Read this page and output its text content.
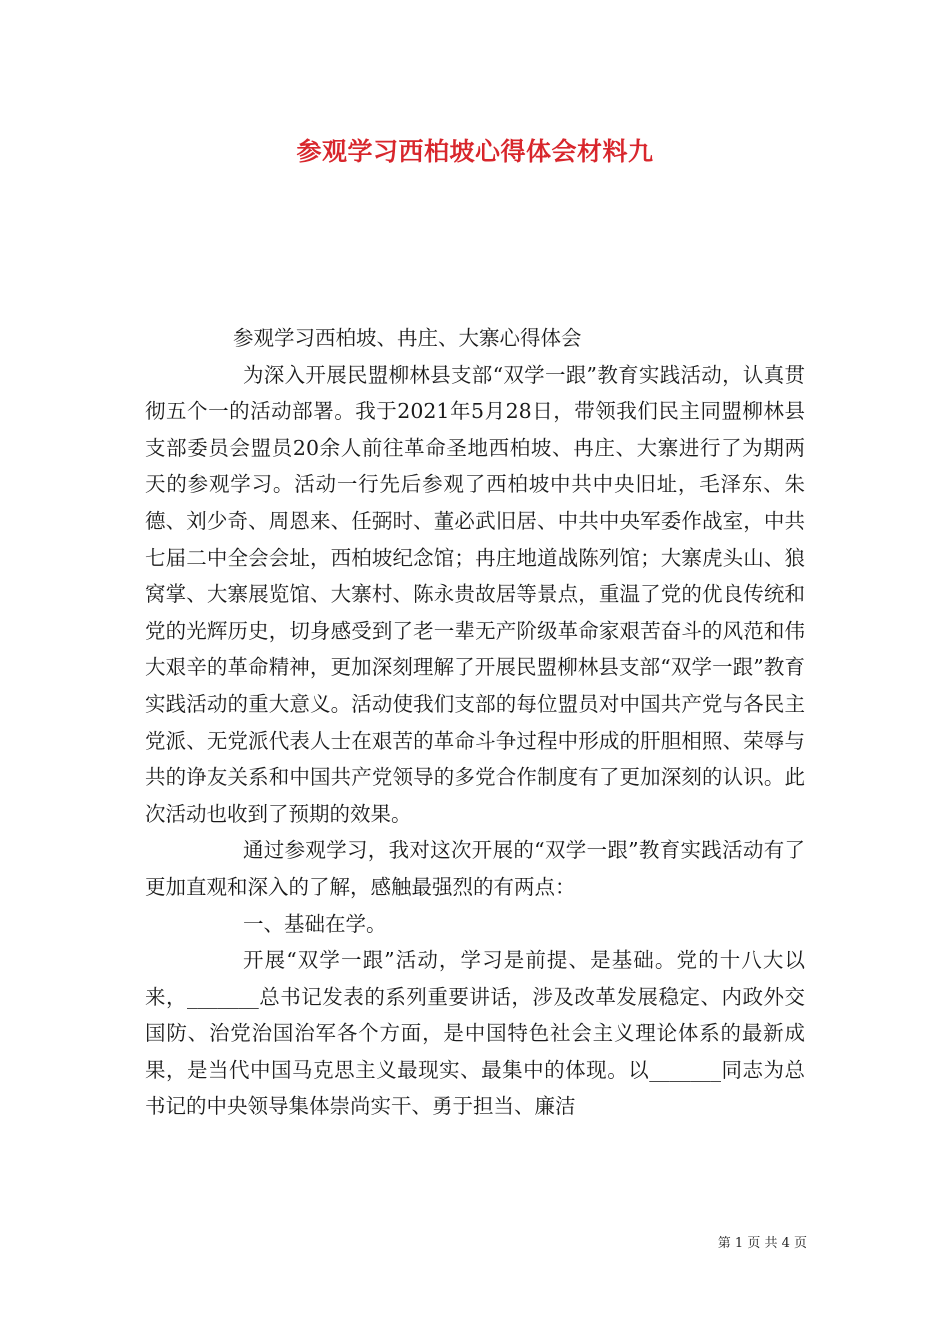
参观学习西柏坡心得体会材料九

参观学习西柏坡、冉庄、大寨心得体会

为深入开展民盟柳林县支部“双学一跟”教育实践活动，认真贯彻五个一的活动部署。我于2021年5月28日，带领我们民主同盟柳林县支部委员会盟员20余人前往革命圣地西柏坡、冉庄、大寨进行了为期两天的参观学习。活动一行先后参观了西柏坡中共中央旧址，毛泽东、朱德、刘少奇、周恩来、任弼时、董必武旧居、中共中央军委作战室，中共七届二中全会会址，西柏坡纪念馆；冉庄地道战陈列馆；大寨虎头山、狼窝掌、大寨展览馆、大寨村、陈永贵故居等景点，重温了党的优良传统和党的光辉历史，切身感受到了老一辈无产阶级革命家艰苦奋斗的风范和伟大艰辛的革命精神，更加深刻理解了开展民盟柳林县支部“双学一跟”教育实践活动的重大意义。活动使我们支部的每位盟员对中国共产党与各民主党派、无党派代表人士在艰苦的革命斗争过程中形成的肝胆相照、荣辱与共的诤友关系和中国共产党领导的多党合作制度有了更加深刻的认识。此次活动也收到了预期的效果。

通过参观学习，我对这次开展的“双学一跟”教育实践活动有了更加直观和深入的了解，感触最强烈的有两点：

一、基础在学。

开展“双学一跟”活动，学习是前提、是基础。党的十八大以来，_______总书记发表的系列重要讲话，涉及改革发展稳定、内政外交国防、治党治国治军各个方面，是中国特色社会主义理论体系的最新成果，是当代中国马克思主义最现实、最集中的体现。以_______同志为总书记的中央领导集体崇尚实干、勇于担当、廉洁

第 1 页 共 4 页
